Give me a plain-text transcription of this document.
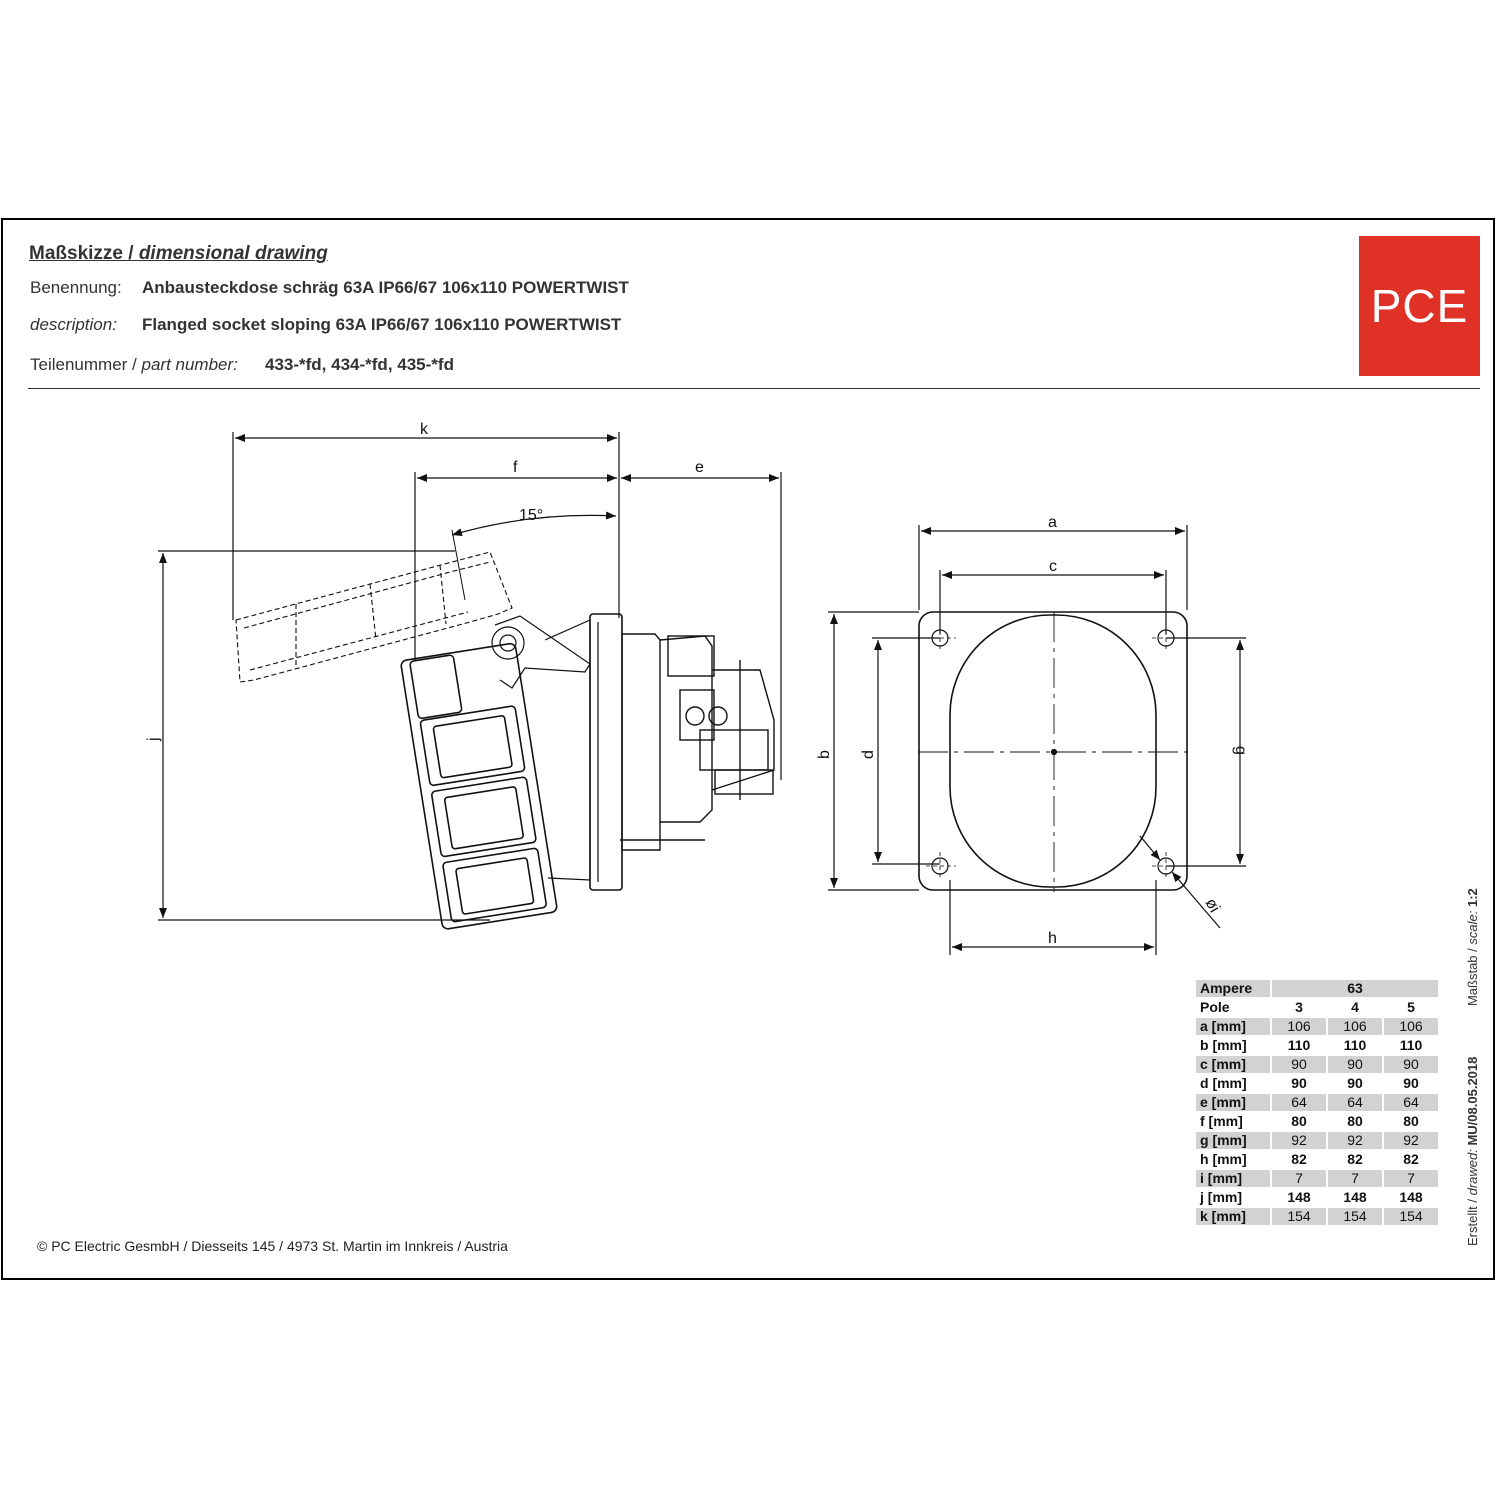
Maßskizze / dimensional drawing
Benennung: Anbausteckdose schräg 63A IP66/67 106x110 POWERTWIST
description: Flanged socket sloping 63A IP66/67 106x110 POWERTWIST
Teilenummer / part number: 433-*fd, 434-*fd, 435-*fd
PCE
k
f	e
15°
j
a
c
b d	g
h
øi
Ampere	63		
Pole	3	4	5
a [mm]	106	106	106
b [mm]	110	110	110
c [mm]	90	90	90
d [mm]	90	90	90
e [mm]	64	64	64
f [mm]	80	80	80
g [mm]	92	92	92
h [mm]	82	82	82
i [mm]	7	7	7
j [mm]	148	148	148
k [mm]	154	154	154	Erstellt / drawed: MU/08.05.2018              Maßstab / scale: 1:2
© PC Electric GesmbH / Diesseits 145 / 4973 St. Martin im Innkreis / Austria
